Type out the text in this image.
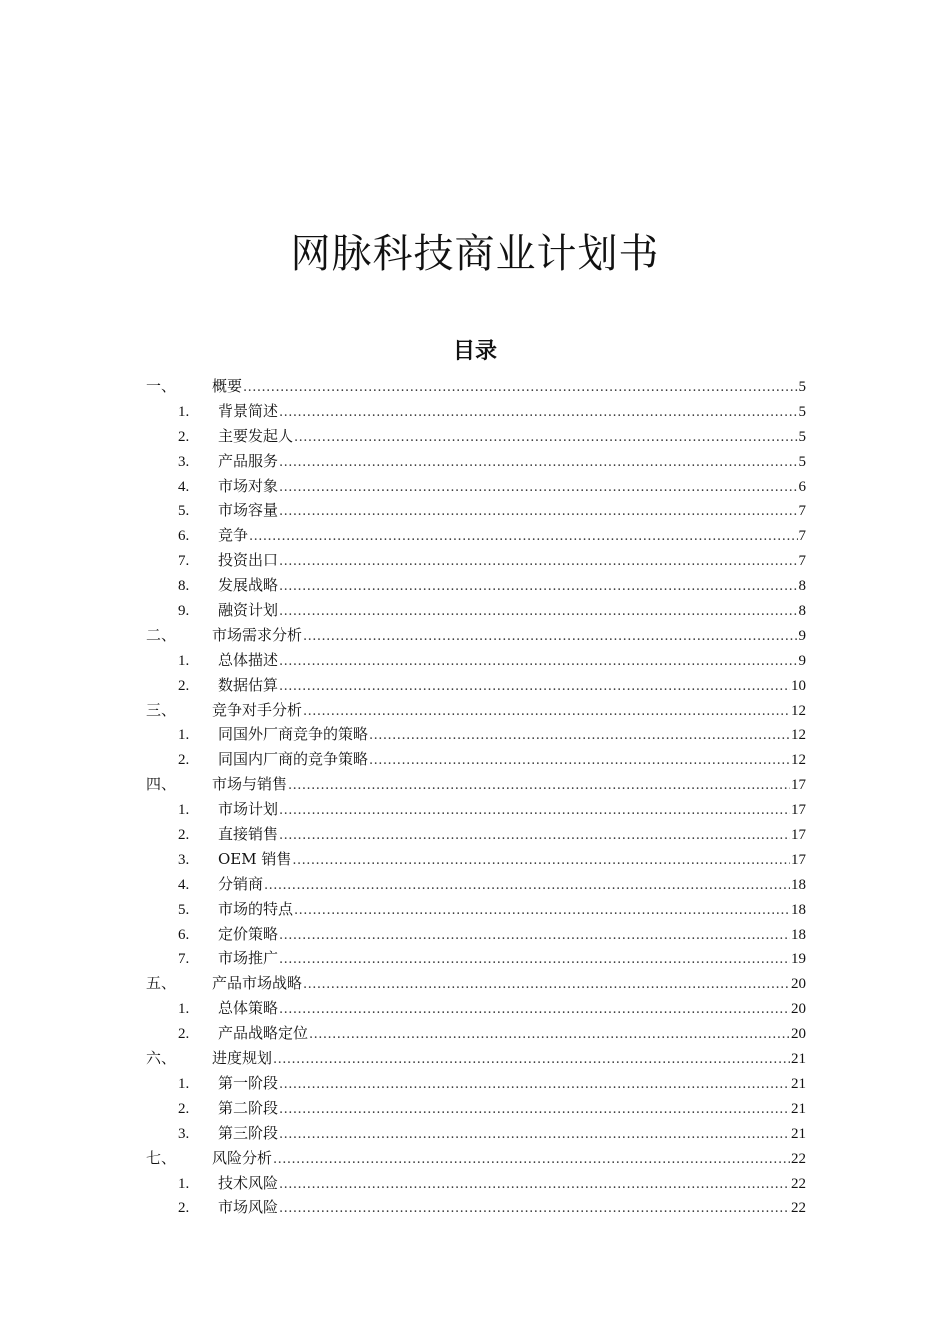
网脉科技商业计划书
目录
一、	概要 .....	5
1.	背景简述 .....	5
2.	主要发起人 .....	5
3.	产品服务 .....	5
4.	市场对象 .....	6
5.	市场容量 .....	7
6.	竞争 .....	7
7.	投资出口 .....	7
8.	发展战略 .....	8
9.	融资计划 .....	8
二、	市场需求分析 .....	9
1.	总体描述 .....	9
2.	数据估算 .....	10
三、	竞争对手分析 .....	12
1.	同国外厂商竞争的策略 .....	12
2.	同国内厂商的竞争策略 .....	12
四、	市场与销售 .....	17
1.	市场计划 .....	17
2.	直接销售 .....	17
3.	OEM 销售 .....	17
4.	分销商 .....	18
5.	市场的特点 .....	18
6.	定价策略 .....	18
7.	市场推广 .....	19
五、	产品市场战略 .....	20
1.	总体策略 .....	20
2.	产品战略定位 .....	20
六、	进度规划 .....	21
1.	第一阶段 .....	21
2.	第二阶段 .....	21
3.	第三阶段 .....	21
七、	风险分析 .....	22
1.	技术风险 .....	22
2.	市场风险 .....	22
